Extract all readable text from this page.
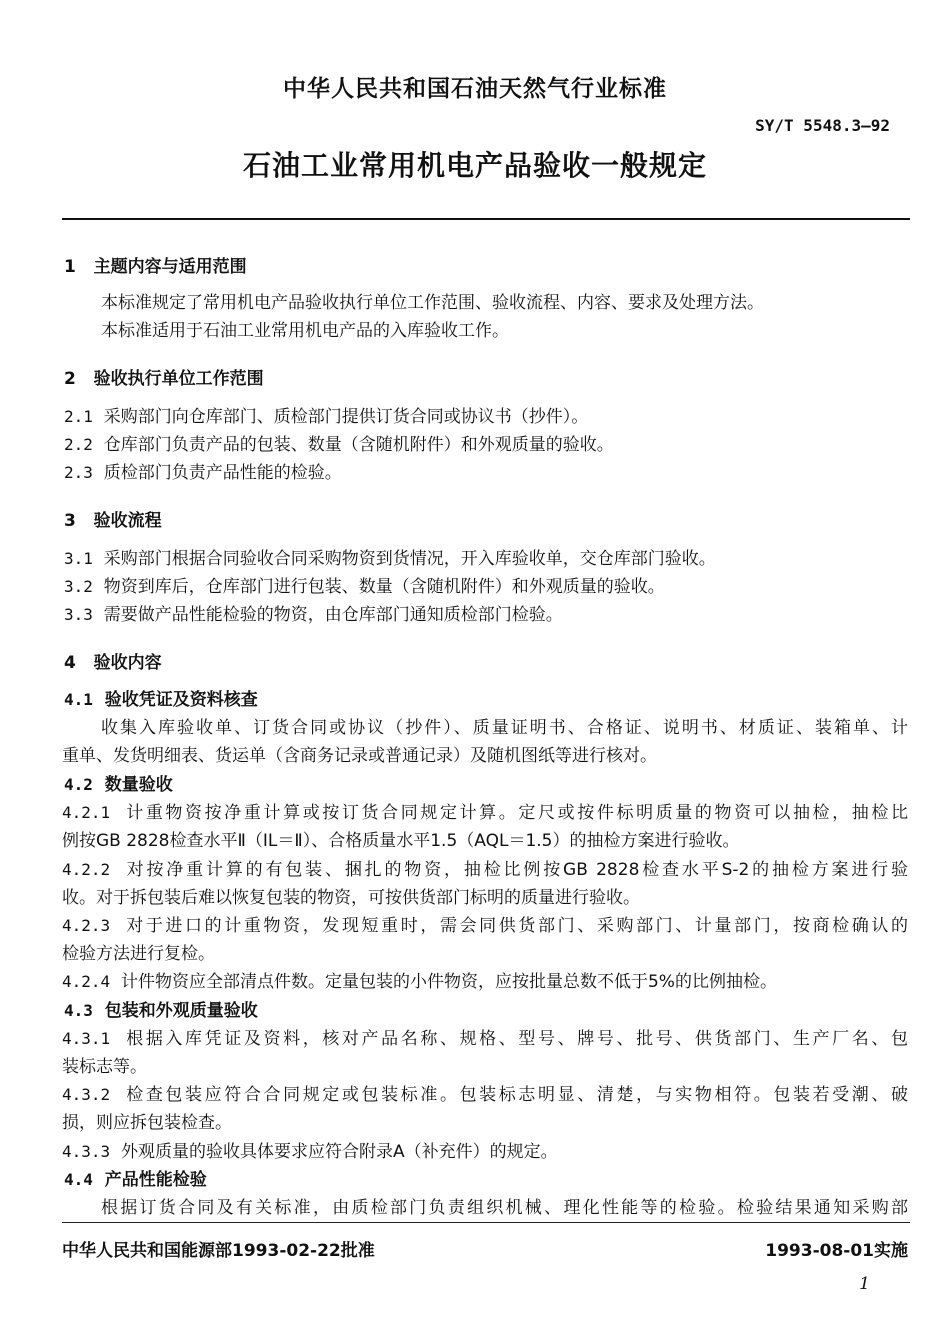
中华人民共和国石油天然气行业标准
SY/T 5548.3—92
石油工业常用机电产品验收一般规定
1 主题内容与适用范围
本标准规定了常用机电产品验收执行单位工作范围、验收流程、内容、要求及处理方法。
本标准适用于石油工业常用机电产品的入库验收工作。
2 验收执行单位工作范围
2.1 采购部门向仓库部门、质检部门提供订货合同或协议书（抄件）。
2.2 仓库部门负责产品的包装、数量（含随机附件）和外观质量的验收。
2.3 质检部门负责产品性能的检验。
3 验收流程
3.1 采购部门根据合同验收合同采购物资到货情况，开入库验收单，交仓库部门验收。
3.2 物资到库后，仓库部门进行包装、数量（含随机附件）和外观质量的验收。
3.3 需要做产品性能检验的物资，由仓库部门通知质检部门检验。
4 验收内容
4.1 验收凭证及资料核查
收集入库验收单、订货合同或协议（抄件）、质量证明书、合格证、说明书、材质证、装箱单、计
重单、发货明细表、货运单（含商务记录或普通记录）及随机图纸等进行核对。
4.2 数量验收
4.2.1 计重物资按净重计算或按订货合同规定计算。定尺或按件标明质量的物资可以抽检，抽检比
例按GB 2828检查水平Ⅱ（IL＝Ⅱ）、合格质量水平1.5（AQL＝1.5）的抽检方案进行验收。
4.2.2 对按净重计算的有包装、捆扎的物资，抽检比例按GB 2828检查水平S-2的抽检方案进行验
收。对于拆包装后难以恢复包装的物资，可按供货部门标明的质量进行验收。
4.2.3 对于进口的计重物资，发现短重时，需会同供货部门、采购部门、计量部门，按商检确认的
检验方法进行复检。
4.2.4 计件物资应全部清点件数。定量包装的小件物资，应按批量总数不低于5%的比例抽检。
4.3 包装和外观质量验收
4.3.1 根据入库凭证及资料，核对产品名称、规格、型号、牌号、批号、供货部门、生产厂名、包
装标志等。
4.3.2 检查包装应符合合同规定或包装标准。包装标志明显、清楚，与实物相符。包装若受潮、破
损，则应拆包装检查。
4.3.3 外观质量的验收具体要求应符合附录A（补充件）的规定。
4.4 产品性能检验
根据订货合同及有关标准，由质检部门负责组织机械、理化性能等的检验。检验结果通知采购部
中华人民共和国能源部1993-02-22批准	1993-08-01实施
1
